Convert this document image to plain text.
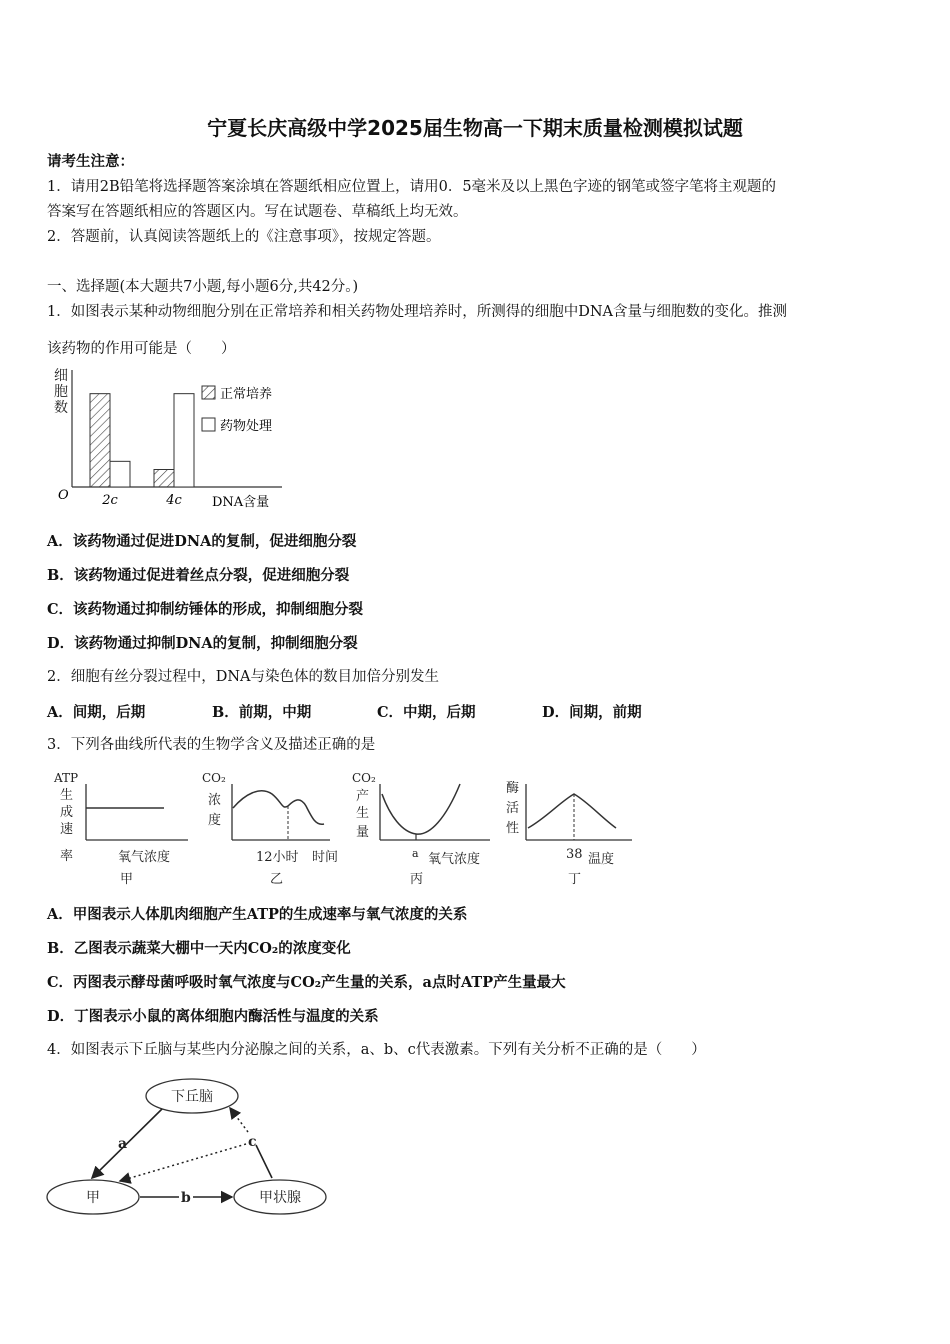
宁夏长庆高级中学2025届生物高一下期末质量检测模拟试题
请考生注意：
1．请用2B铅笔将选择题答案涂填在答题纸相应位置上，请用0．5毫米及以上黑色字迹的钢笔或签字笔将主观题的
答案写在答题纸相应的答题区内。写在试题卷、草稿纸上均无效。
2．答题前，认真阅读答题纸上的《注意事项》，按规定答题。
一、选择题(本大题共7小题,每小题6分,共42分。)
1．如图表示某种动物细胞分别在正常培养和相关药物处理培养时，所测得的细胞中DNA含量与细胞数的变化。推测
该药物的作用可能是（　　）
细
胞
数
O	2c	4c DNA含量
正常培养
药物处理
A．该药物通过促进DNA的复制，促进细胞分裂
B．该药物通过促进着丝点分裂，促进细胞分裂
C．该药物通过抑制纺锤体的形成，抑制细胞分裂
D．该药物通过抑制DNA的复制，抑制细胞分裂
2．细胞有丝分裂过程中，DNA与染色体的数目加倍分别发生
A．间期，后期	B．前期，中期	C．中期，后期	D．间期，前期
3．下列各曲线所代表的生物学含义及描述正确的是
ATP
生
成
速
率	氧气浓度
甲
CO₂
浓
度
12小时 时间
乙
CO₂
产
生
量
a 氧气浓度
丙
酶
活
性
38 温度
丁
A．甲图表示人体肌肉细胞产生ATP的生成速率与氧气浓度的关系
B．乙图表示蔬菜大棚中一天内CO₂的浓度变化
C．丙图表示酵母菌呼吸时氧气浓度与CO₂产生量的关系，a点时ATP产生量最大
D．丁图表示小鼠的离体细胞内酶活性与温度的关系
4．如图表示下丘脑与某些内分泌腺之间的关系，a、b、c代表激素。下列有关分析不正确的是（　　）
下丘脑
甲	甲状腺
a
b
c
